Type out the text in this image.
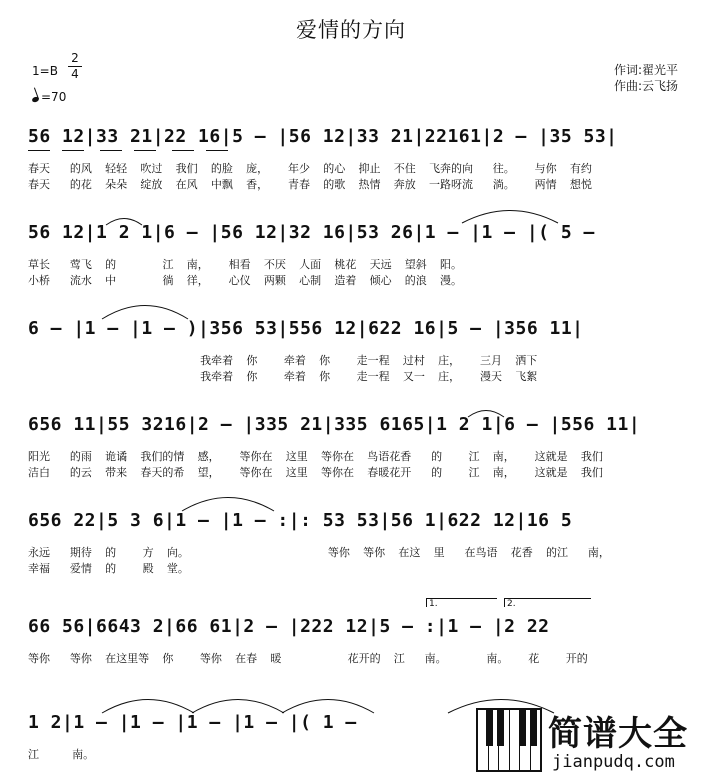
爱情的方向
1=B
2
4
=70
作词:翟光平
作曲:云飞扬
56 12|33 21|22 16|5 – |56 12|33 21|22161|2 – |35 53|
春天   的风  轻轻  吹过  我们  的脸  庞，   年少  的心  抑止  不住  飞奔的向   往。   与你  有约
春天   的花  朵朵  绽放  在风  中飘  香，   青春  的歌  热情  奔放  一路呀流   淌。   两情  想悦
56 12|1 2 1|6 – |56 12|32 16|53 26|1 – |1 – |( 5 –
草长   莺飞  的       江  南，   相看  不厌  人面  桃花  天远  望斜  阳。
小桥   流水  中       徜  徉，   心仪  两颗  心制  造着  倾心  的浪  漫。
6 – |1 – |1 – )|356 53|556 12|622 16|5 – |356 11|
我牵着  你    牵着  你    走一程  过村  庄，   三月  洒下
我牵着  你    牵着  你    走一程  又一  庄，   漫天  飞絮
656 11|55 3216|2 – |335 21|335 6165|1 2 1|6 – |556 11|
阳光   的雨  诡谲  我们的情  感，   等你在  这里  等你在  鸟语花香   的    江  南，   这就是  我们
洁白   的云  带来  春天的希  望，   等你在  这里  等你在  春暖花开   的    江  南，   这就是  我们
656 22|5 3 6|1 – |1 – :|: 53 53|56 1|622 12|16 5
永远   期待  的    方  向。                     等你  等你  在这  里   在鸟语  花香  的江   南，
幸福   爱情  的    殿  堂。
66 56|6643 2|66 61|2 – |222 12|5 – :|1 – |2 22
等你   等你  在这里等  你    等你  在春  暖          花开的  江   南。      南。   花    开的
1.	2.
1 2|1 – |1 – |1 – |1 – |( 1 –
江     南。
简谱大全
jianpudq.com
